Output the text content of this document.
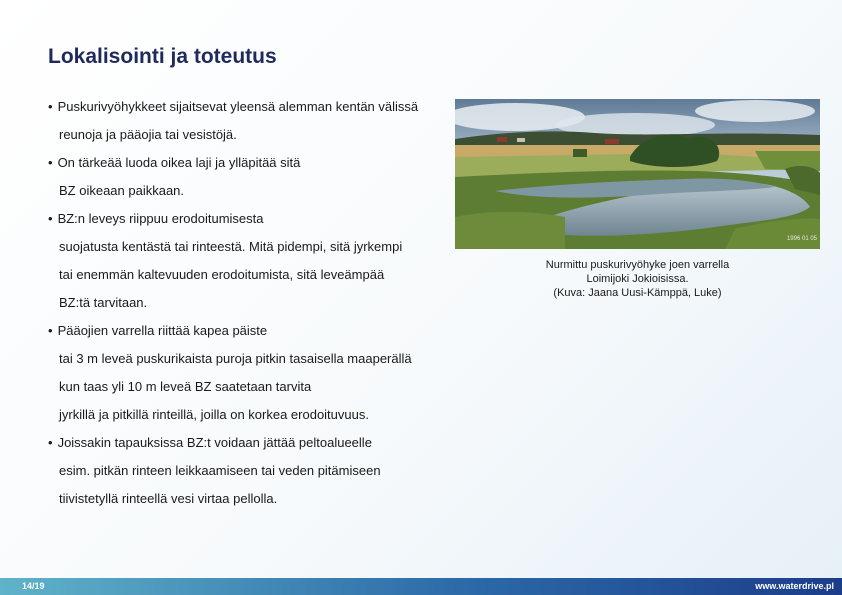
Lokalisointi ja toteutus
• Puskurivyöhykkeet sijaitsevat yleensä alemman kentän välissä
reunoja ja pääojia tai vesistöjä.
• On tärkeää luoda oikea laji ja ylläpitää sitä
BZ oikeaan paikkaan.
• BZ:n leveys riippuu erodoitumisesta
suojatusta kentästä tai rinteestä. Mitä pidempi, sitä jyrkempi
tai enemmän kaltevuuden erodoitumista, sitä leveämpää
BZ:tä tarvitaan.
• Pääojien varrella riittää kapea päiste
tai 3 m leveä puskurikaista puroja pitkin tasaisella maaperällä
kun taas yli 10 m leveä BZ saatetaan tarvita
jyrkillä ja pitkillä rinteillä, joilla on korkea erodoituvuus.
• Joissakin tapauksissa BZ:t voidaan jättää peltoalueelle
esim. pitkän rinteen leikkaamiseen tai veden pitämiseen
tiivistetyllä rinteellä vesi virtaa pellolla.
1996 01 05
Nurmittu puskurivyöhyke joen varrella
Loimijoki Jokioisissa.
(Kuva: Jaana Uusi-Kämppä, Luke)
14/19	www.waterdrive.pl
